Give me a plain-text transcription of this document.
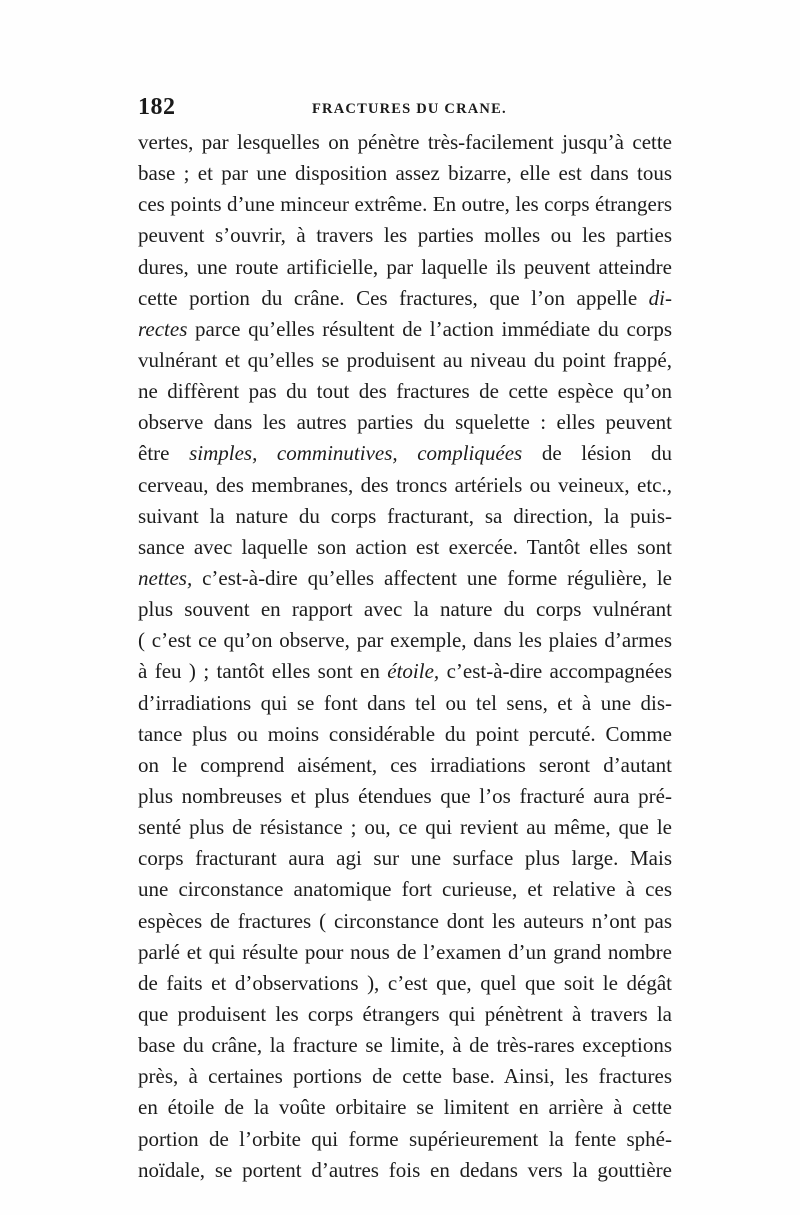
182	FRACTURES DU CRANE.
vertes, par lesquelles on pénètre très-facilement jusqu’à cette
base ; et par une disposition assez bizarre, elle est dans tous
ces points d’une minceur extrême. En outre, les corps étrangers
peuvent s’ouvrir, à travers les parties molles ou les parties
dures, une route artificielle, par laquelle ils peuvent atteindre
cette portion du crâne. Ces fractures, que l’on appelle di-
rectes parce qu’elles résultent de l’action immédiate du corps
vulnérant et qu’elles se produisent au niveau du point frappé,
ne diffèrent pas du tout des fractures de cette espèce qu’on
observe dans les autres parties du squelette : elles peuvent
être simples, comminutives, compliquées de lésion du
cerveau, des membranes, des troncs artériels ou veineux, etc.,
suivant la nature du corps fracturant, sa direction, la puis-
sance avec laquelle son action est exercée. Tantôt elles sont
nettes, c’est-à-dire qu’elles affectent une forme régulière, le
plus souvent en rapport avec la nature du corps vulnérant
( c’est ce qu’on observe, par exemple, dans les plaies d’armes
à feu ) ; tantôt elles sont en étoile, c’est-à-dire accompagnées
d’irradiations qui se font dans tel ou tel sens, et à une dis-
tance plus ou moins considérable du point percuté. Comme
on le comprend aisément, ces irradiations seront d’autant
plus nombreuses et plus étendues que l’os fracturé aura pré-
senté plus de résistance ; ou, ce qui revient au même, que le
corps fracturant aura agi sur une surface plus large. Mais
une circonstance anatomique fort curieuse, et relative à ces
espèces de fractures ( circonstance dont les auteurs n’ont pas
parlé et qui résulte pour nous de l’examen d’un grand nombre
de faits et d’observations ), c’est que, quel que soit le dégât
que produisent les corps étrangers qui pénètrent à travers la
base du crâne, la fracture se limite, à de très-rares exceptions
près, à certaines portions de cette base. Ainsi, les fractures
en étoile de la voûte orbitaire se limitent en arrière à cette
portion de l’orbite qui forme supérieurement la fente sphé-
noïdale, se portent d’autres fois en dedans vers la gouttière
